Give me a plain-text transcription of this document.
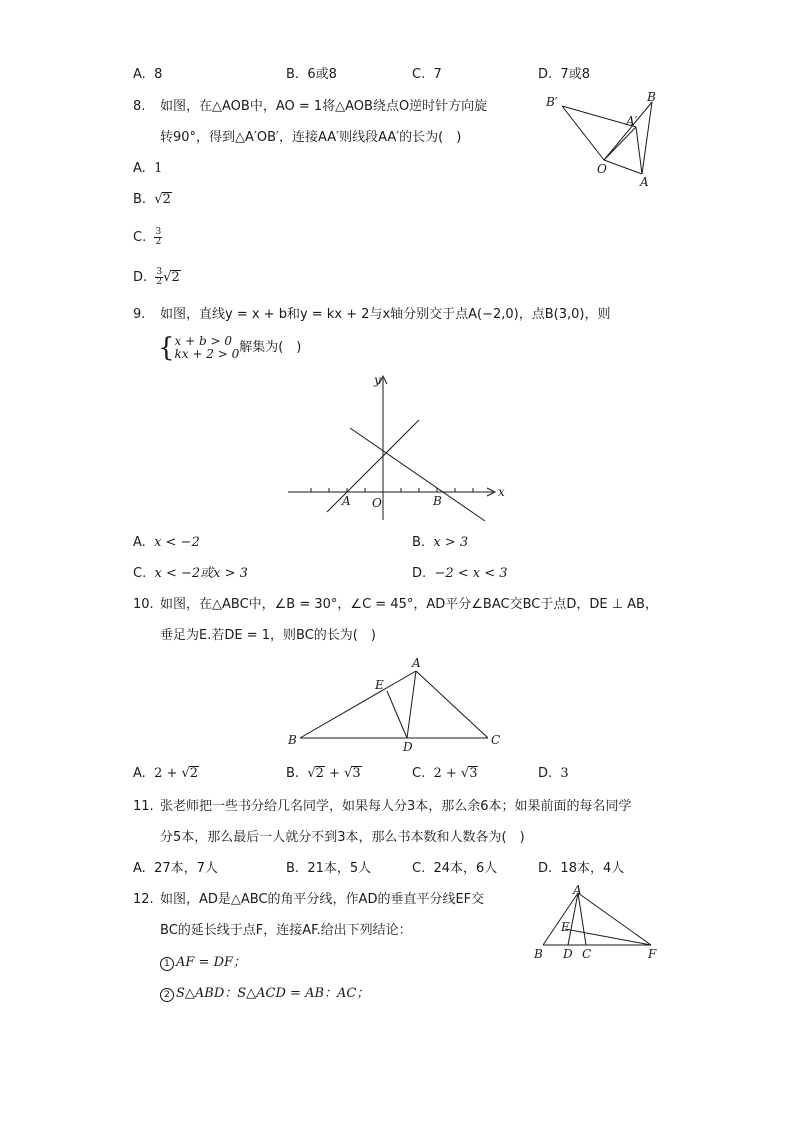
A. 8	B. 6或8	C. 7	D. 7或8
8. 如图，在△AOB中，AO = 1将△AOB绕点O逆时针方向旋
转90°，得到△A′OB′，连接AA′则线段AA′的长为(　)
B′	B
A′
O
A
A. 1
B.  √2
C. $\frac{3}{2}$
D. $\frac{3}{2} √2$
9. 如图，直线y = x + b和y = kx + 2与x轴分别交于点A(−2,0)，点B(3,0)，则
{ x + b > 0
kx + 2 > 0 解集为(　)
y
x
A O	B
A. x < −2	B. x > 3
C. x < −2或x > 3	D. −2 < x < 3
10. 如图，在△ABC中，∠B = 30°，∠C = 45°，AD平分∠BAC交BC于点D，DE ⊥ AB，
垂足为E.若DE = 1，则BC的长为(　)
A
E
B	D	C
A.  2 + √2	B.  √2 + √3	C.  2 + √3	D. 3
11. 张老师把一些书分给几名同学，如果每人分3本，那么余6本；如果前面的每名同学
分5本，那么最后一人就分不到3本，那么书本数和人数各为(　)
A. 27本，7人	B. 21本，5人	C. 24本，6人	D. 18本，4人
12. 如图，AD是△ABC的角平分线，作AD的垂直平分线EF交
BC的延长线于点F，连接AF.给出下列结论：
1 AF = DF；
2 S△ABD：S△ACD = AB：AC；
A
E
B D C	F
